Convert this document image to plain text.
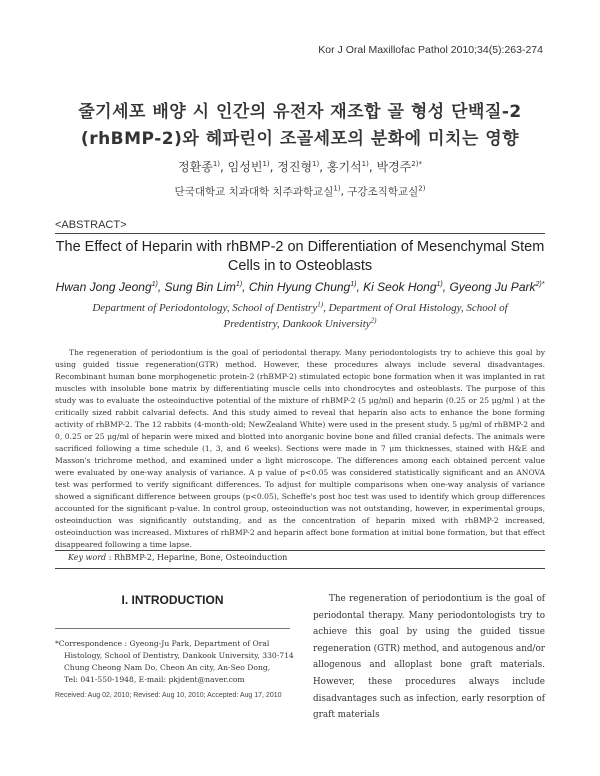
Kor J Oral Maxillofac Pathol 2010;34(5):263-274
줄기세포 배양 시 인간의 유전자 재조합 골 형성 단백질-2
(rhBMP-2)와 헤파린이 조골세포의 분화에 미치는 영향
정환종$^{1)}$, 임성빈$^{1)}$, 정진형$^{1)}$, 홍기석$^{1)}$, 박경주$^{2)*}$
단국대학교 치과대학 치주과학교실$^{1)}$, 구강조직학교실$^{2)}$
<ABSTRACT>
The Effect of Heparin with rhBMP-2 on Differentiation of Mesenchymal Stem
Cells in to Osteoblasts
Hwan Jong Jeong$^{1)}$, Sung Bin Lim$^{1)}$, Chin Hyung Chung$^{1)}$, Ki Seok Hong$^{1)}$, Gyeong Ju Park$^{2)*}$
Department of Periodontology, School of Dentistry$^{1)}$, Department of Oral Histology, School of
Predentistry, Dankook University$^{2)}$

The regeneration of periodontium is the goal of periodontal therapy. Many periodontologists try to achieve this goal by using guided tissue regeneration(GTR) method. However, these procedures always include several disadvantages. Recombinant human bone morphogenetic protein-2 (rhBMP-2) stimulated ectopic bone formation when it was implanted in rat muscles with insoluble bone matrix by differentiating muscle cells into chondrocytes and osteoblasts. The purpose of this study was to evaluate the osteoinductive potential of the mixture of rhBMP-2 (5 μg/ml) and heparin (0.25 or 25 μg/ml ) at the critically sized rabbit calvarial defects. And this study aimed to reveal that heparin also acts to enhance the bone forming activity of rhBMP-2. The 12 rabbits (4-month-old; NewZealand White) were used in the present study. 5 μg/ml of rhBMP-2 and 0, 0.25 or 25 μg/ml of heparin were mixed and blotted into anorganic bovine bone and filled cranial defects. The animals were sacrificed following a time schedule (1, 3, and 6 weeks). Sections were made in 7 μm thicknesses, stained with H&E and Masson's trichrome method, and examined under a light microscope. The differences among each obtained percent value were evaluated by one-way analysis of variance. A p value of p<0.05 was considered statistically significant and an ANOVA test was performed to verify significant differences. To adjust for multiple comparisons when one-way analysis of variance showed a significant difference between groups (p<0.05), Scheffe's post hoc test was used to identify which group differences accounted for the significant p-value. In control group, osteoinduction was not outstanding, however, in experimental groups, osteoinduction was significantly outstanding, and as the concentration of heparin mixed with rhBMP-2 increased, osteoinduction was increased. Mixtures of rhBMP-2 and heparin affect bone formation at initial bone formation, but that effect disappeared following a time lapse.

Key word : RhBMP-2, Heparine, Bone, Osteoinduction
I. INTRODUCTION
*Correspondence : Gyeong-Ju Park, Department of Oral
Histology, School of Dentistry, Dankook University, 330-714
Chung Cheong Nam Do, Cheon An city, An-Seo Dong,
Tel: 041-550-1948, E-mail: pkjdent@naver.com
Received: Aug 02, 2010; Revised: Aug 10, 2010; Accepted: Aug 17, 2010

The regeneration of periodontium is the goal of periodontal therapy. Many periodontologists try to achieve this goal by using the guided tissue regeneration (GTR) method, and autogenous and/or allogenous and alloplast bone graft materials. However, these procedures always include disadvantages such as infection, early resorption of graft materials
